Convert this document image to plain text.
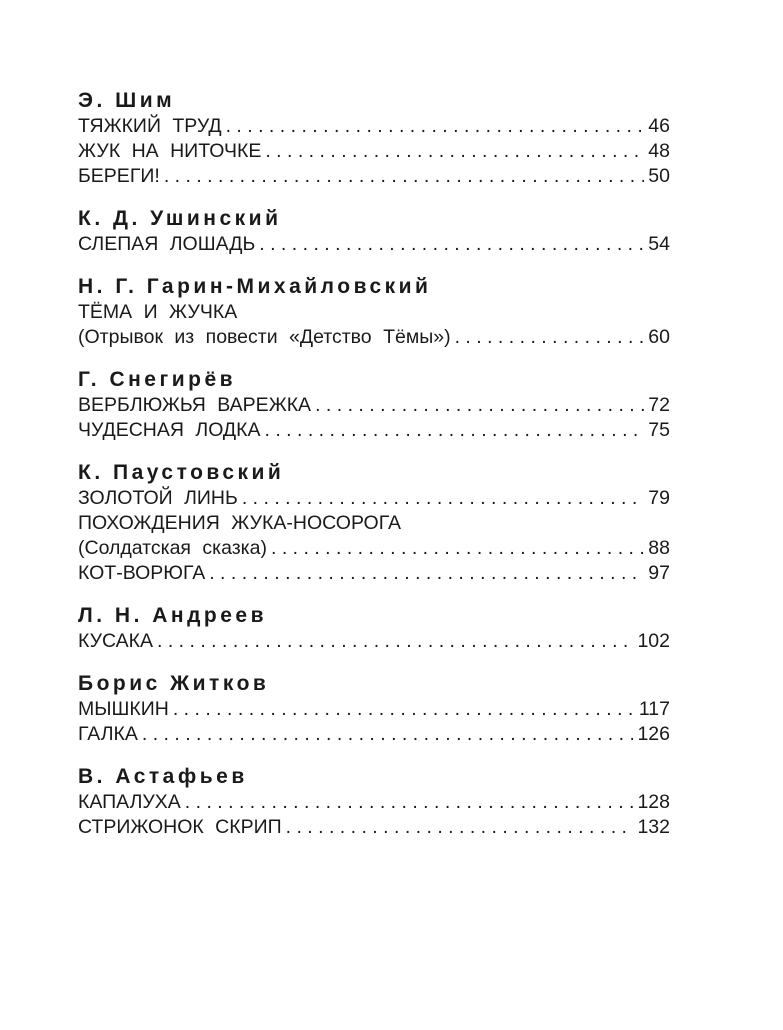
Э. Шим
ТЯЖКИЙ ТРУД . . .	46
ЖУК НА НИТОЧКЕ . . .	48
БЕРЕГИ! . . .	50
К. Д. Ушинский
СЛЕПАЯ ЛОШАДЬ . . .	54
Н. Г. Гарин-Михайловский
ТЁМА И ЖУЧКА
(Отрывок из повести «Детство Тёмы») . . .	60
Г. Снегирёв
ВЕРБЛЮЖЬЯ ВАРЕЖКА . . .	72
ЧУДЕСНАЯ ЛОДКА . . .	75
К. Паустовский
ЗОЛОТОЙ ЛИНЬ . . .	79
ПОХОЖДЕНИЯ ЖУКА-НОСОРОГА
(Солдатская сказка) . . .	88
КОТ-ВОРЮГА . . .	97
Л. Н. Андреев
КУСАКА . . .	102
Борис Житков
МЫШКИН . . .	117
ГАЛКА . . .	126
В. Астафьев
КАПАЛУХА . . .	128
СТРИЖОНОК СКРИП . . .	132
